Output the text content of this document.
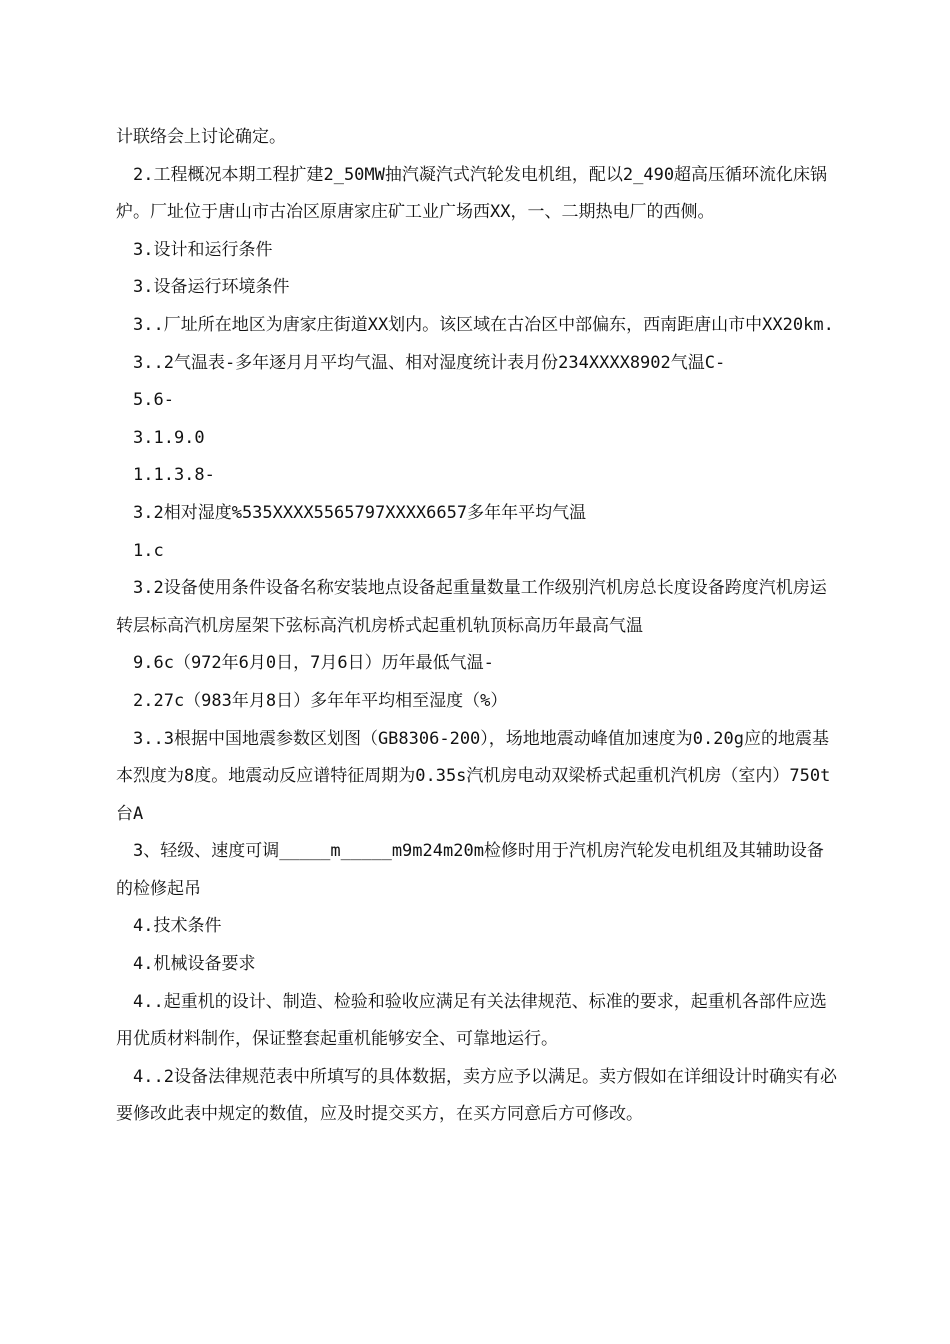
计联络会上讨论确定。

2.工程概况本期工程扩建2_50MW抽汽凝汽式汽轮发电机组，配以2_490超高压循环流化床锅炉。厂址位于唐山市古冶区原唐家庄矿工业广场西XX，一、二期热电厂的西侧。

3.设计和运行条件

3.设备运行环境条件

3..厂址所在地区为唐家庄街道XX划内。该区域在古冶区中部偏东，西南距唐山市中XX20km.

3..2气温表-多年逐月月平均气温、相对湿度统计表月份234XXXX8902气温C-

5.6-

3.1.9.0

1.1.3.8-

3.2相对湿度%535XXXX5565797XXXX6657多年年平均气温

1.c

3.2设备使用条件设备名称安装地点设备起重量数量工作级别汽机房总长度设备跨度汽机房运转层标高汽机房屋架下弦标高汽机房桥式起重机轨顶标高历年最高气温

9.6c（972年6月0日，7月6日）历年最低气温-

2.27c（983年月8日）多年年平均相至湿度（%）

3..3根据中国地震参数区划图（GB8306-200），场地地震动峰值加速度为0.20g应的地震基本烈度为8度。地震动反应谱特征周期为0.35s汽机房电动双梁桥式起重机汽机房（室内）750t台A

3、轻级、速度可调_____m_____m9m24m20m检修时用于汽机房汽轮发电机组及其辅助设备的检修起吊

4.技术条件

4.机械设备要求

4..起重机的设计、制造、检验和验收应满足有关法律规范、标准的要求，起重机各部件应选用优质材料制作，保证整套起重机能够安全、可靠地运行。

4..2设备法律规范表中所填写的具体数据，卖方应予以满足。卖方假如在详细设计时确实有必要修改此表中规定的数值，应及时提交买方，在买方同意后方可修改。
